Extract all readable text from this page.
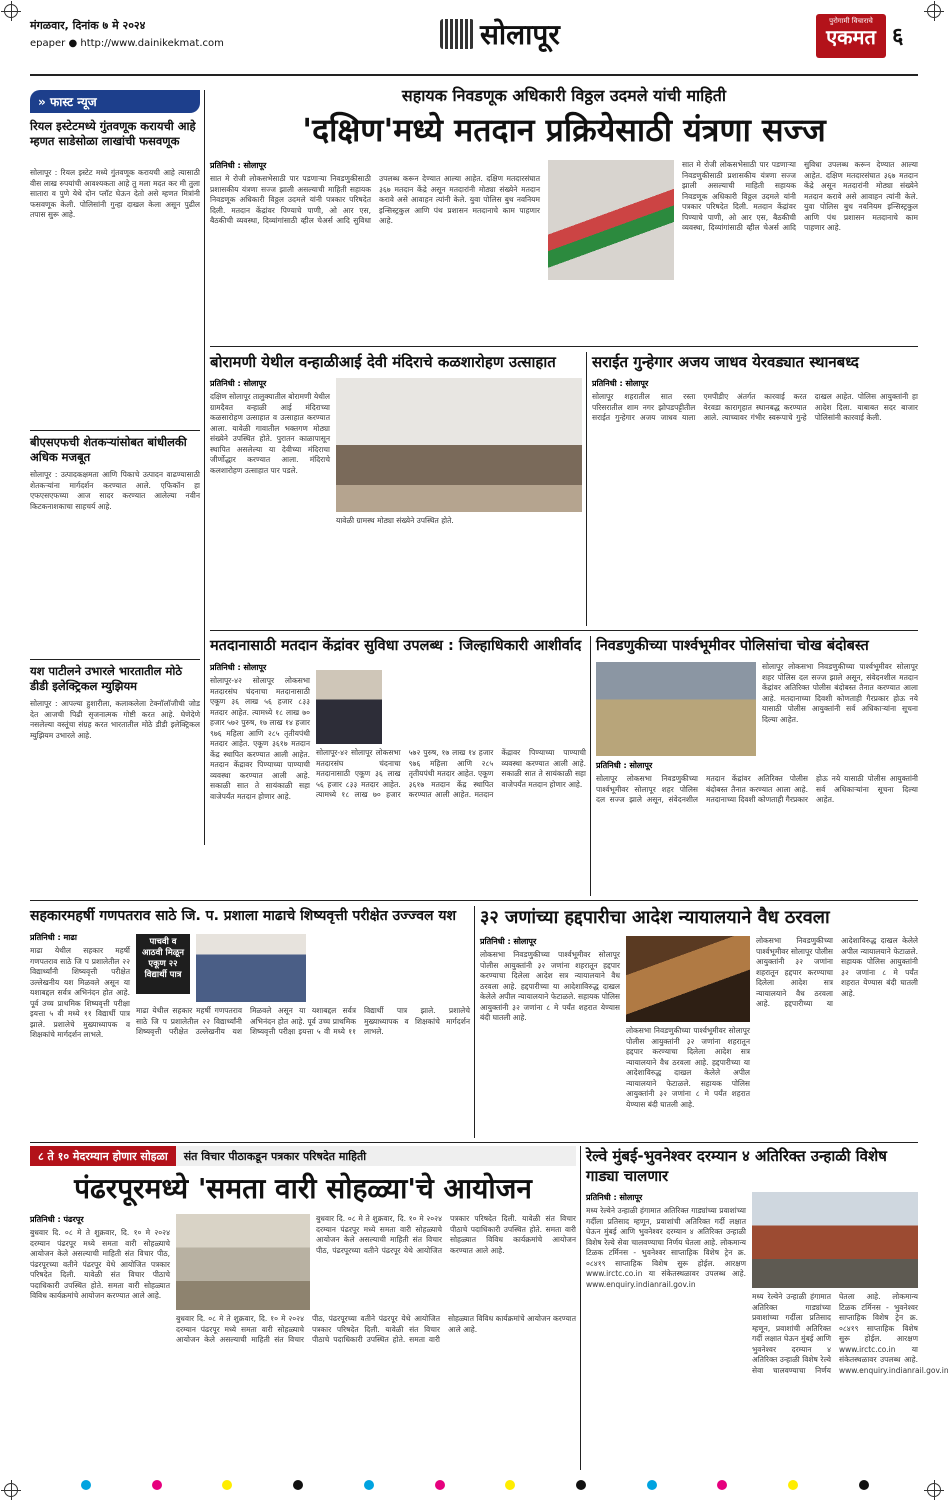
मंगळवार, दिनांक ७ मे २०२४
epaper ● http://www.dainikekmat.com	सोलापूर	पुरोगामी विचाराचे
एकमत ६
» फास्ट न्यूज
रियल इस्टेटमध्ये गुंतवणूक करायची आहे म्हणत साडेसोळा लाखांची फसवणूक
सोलापूर : रियल इस्टेट मध्ये गुंतवणूक करायची आहे त्यासाठी वीस लाख रुपयांची आवश्यकता आहे तु मला मदत कर मी तुला सातारा व पुणे येथे दोन प्लॉट घेऊन देतो असे म्हणत मित्रांनी फसवणूक केली. पोलिसांनी गुन्हा दाखल केला असून पुढील तपास सुरू आहे.
बीएसएफची शेतकऱ्यांसोबत बांधीलकी अधिक मजबूत
सोलापूर : उत्पादकक्षमता आणि पिकाचे उत्पादन वाढण्यासाठी शेतकऱ्यांना मार्गदर्शन करण्यात आले. एफिकॉन हा एफएसएफच्या आज सादर करण्यात आलेल्या नवीन किटकनाशकाचा साहचर्य आहे.
यश पाटीलने उभारले भारतातील मोठे डीडी इलेक्ट्रिकल म्युझियम
सोलापूर : आपल्या हुशारीला, कलाकलेला टेक्नॉलॉजीची जोड देत आजची पिढी सृजनात्मक गोष्टी करत आहे. घेणेदेणे नसलेल्या वस्तूंचा संग्रह करत भारतातील मोठे डीडी इलेक्ट्रिकल म्युझियम उभारले आहे.
सहायक निवडणूक अधिकारी विठ्ठल उदमले यांची माहिती
'दक्षिण'मध्ये मतदान प्रक्रियेसाठी यंत्रणा सज्ज
प्रतिनिधी : सोलापूर
सात मे रोजी लोकसभेसाठी पार पडणाऱ्या निवडणुकीसाठी प्रशासकीय यंत्रणा सज्ज झाली असल्याची माहिती सहायक निवडणूक अधिकारी विठ्ठल उदमले यांनी पत्रकार परिषदेत दिली. मतदान केंद्रांवर पिण्याचे पाणी, ओ आर एस, बैठकीची व्यवस्था, दिव्यांगांसाठी व्हील चेअर्स आदि सुविधा उपलब्ध करून देण्यात आल्या आहेत. दक्षिण मतदारसंघात ३६७ मतदान केंद्रे असून मतदारांनी मोठ्या संख्येने मतदान करावे असे आवाहन त्यांनी केले. युवा पोलिस बुथ नवनियम इन्सिस्ट्रकुल आणि पंथ प्रशासन मतदानाचे काम पाहणार आहे.
सात मे रोजी लोकसभेसाठी पार पडणाऱ्या निवडणुकीसाठी प्रशासकीय यंत्रणा सज्ज झाली असल्याची माहिती सहायक निवडणूक अधिकारी विठ्ठल उदमले यांनी पत्रकार परिषदेत दिली. मतदान केंद्रांवर पिण्याचे पाणी, ओ आर एस, बैठकीची व्यवस्था, दिव्यांगांसाठी व्हील चेअर्स आदि सुविधा उपलब्ध करून देण्यात आल्या आहेत. दक्षिण मतदारसंघात ३६७ मतदान केंद्रे असून मतदारांनी मोठ्या संख्येने मतदान करावे असे आवाहन त्यांनी केले. युवा पोलिस बुथ नवनियम इन्सिस्ट्रकुल आणि पंथ प्रशासन मतदानाचे काम पाहणार आहे.
बोरामणी येथील वन्हाळीआई देवी मंदिराचे कळशारोहण उत्साहात
प्रतिनिधी : सोलापूर
दक्षिण सोलापूर तालुक्यातील बोरामणी येथील ग्रामदैवत वन्हाळी आई मंदिराच्या कळसारोहण उत्साहात व उत्साहात करण्यात आला. यावेळी गावातील भक्तगण मोठ्या संख्येने उपस्थित होते. पुरातन काळापासून स्थापित असलेल्या या देवीच्या मंदिराचा जीर्णोद्धार करण्यात आला. मंदिराचे कलशारोहण उत्साहात पार पडले.
यावेळी ग्रामस्थ मोठ्या संख्येने उपस्थित होते.
सराईत गुन्हेगार अजय जाधव येरवड्यात स्थानबध्द
प्रतिनिधी : सोलापूर
सोलापूर शहरातील सात रस्ता परिसरातील शाम नगर झोपडपट्टीतील सराईत गुन्हेगार अजय जाधव याला एमपीडीए अंतर्गत कारवाई करत येरवडा कारागृहात स्थानबद्ध करण्यात आले. त्याच्यावर गंभीर स्वरूपाचे गुन्हे दाखल आहेत. पोलिस आयुक्तांनी हा आदेश दिला. याबाबत सदर बाजार पोलिसांनी कारवाई केली.
मतदानासाठी मतदान केंद्रांवर सुविधा उपलब्ध : जिल्हाधिकारी आशीर्वाद
प्रतिनिधी : सोलापूर
सोलापूर-४२ सोलापूर लोकसभा मतदारसंघ चंदनाचा मतदानासाठी एकूण ३६ लाख ५६ हजार ८३३ मतदार आहेत. त्यामध्ये १८ लाख ७० हजार ५७२ पुरुष, १७ लाख १४ हजार ९७६ महिला आणि २८५ तृतीयपंथी मतदार आहेत. एकूण ३६१७ मतदान केंद्र स्थापित करण्यात आली आहेत. मतदान केंद्रावर पिण्याच्या पाण्याची व्यवस्था करण्यात आली आहे. सकाळी सात ते सायंकाळी सहा वाजेपर्यंत मतदान होणार आहे.
सोलापूर-४२ सोलापूर लोकसभा मतदारसंघ चंदनाचा मतदानासाठी एकूण ३६ लाख ५६ हजार ८३३ मतदार आहेत. त्यामध्ये १८ लाख ७० हजार ५७२ पुरुष, १७ लाख १४ हजार ९७६ महिला आणि २८५ तृतीयपंथी मतदार आहेत. एकूण ३६१७ मतदान केंद्र स्थापित करण्यात आली आहेत. मतदान केंद्रावर पिण्याच्या पाण्याची व्यवस्था करण्यात आली आहे. सकाळी सात ते सायंकाळी सहा वाजेपर्यंत मतदान होणार आहे.
निवडणुकीच्या पार्श्वभूमीवर पोलिसांचा चोख बंदोबस्त
सोलापूर लोकसभा निवडणुकीच्या पार्श्वभूमीवर सोलापूर शहर पोलिस दल सज्ज झाले असून, संवेदनशील मतदान केंद्रांवर अतिरिक्त पोलीस बंदोबस्त तैनात करण्यात आला आहे. मतदानाच्या दिवशी कोणताही गैरप्रकार होऊ नये यासाठी पोलीस आयुक्तांनी सर्व अधिकाऱ्यांना सूचना दिल्या आहेत.
प्रतिनिधी : सोलापूर
सोलापूर लोकसभा निवडणुकीच्या पार्श्वभूमीवर सोलापूर शहर पोलिस दल सज्ज झाले असून, संवेदनशील मतदान केंद्रांवर अतिरिक्त पोलीस बंदोबस्त तैनात करण्यात आला आहे. मतदानाच्या दिवशी कोणताही गैरप्रकार होऊ नये यासाठी पोलीस आयुक्तांनी सर्व अधिकाऱ्यांना सूचना दिल्या आहेत.
सहकारमहर्षी गणपतराव साठे जि. प. प्रशाला माढाचे शिष्यवृत्ती परीक्षेत उज्ज्वल यश
प्रतिनिधी : माढा
माढा येथील सहकार महर्षी गणपतराव साठे जि प प्रशालेतील २२ विद्यार्थ्यांनी शिष्यवृत्ती परीक्षेत उल्लेखनीय यश मिळवले असून या यशाबद्दल सर्वत्र अभिनंदन होत आहे. पूर्व उच्च प्राथमिक शिष्यवृत्ती परीक्षा इयत्ता ५ वी मध्ये ११ विद्यार्थी पात्र झाले. प्रशालेचे मुख्याध्यापक व शिक्षकांचे मार्गदर्शन लाभले.
पाचवी व आठवी मिळून एकूण २२ विद्यार्थी पात्र
माढा येथील सहकार महर्षी गणपतराव साठे जि प प्रशालेतील २२ विद्यार्थ्यांनी शिष्यवृत्ती परीक्षेत उल्लेखनीय यश मिळवले असून या यशाबद्दल सर्वत्र अभिनंदन होत आहे. पूर्व उच्च प्राथमिक शिष्यवृत्ती परीक्षा इयत्ता ५ वी मध्ये ११ विद्यार्थी पात्र झाले. प्रशालेचे मुख्याध्यापक व शिक्षकांचे मार्गदर्शन लाभले.
३२ जणांच्या हद्दपारीचा आदेश न्यायालयाने वैध ठरवला
प्रतिनिधी : सोलापूर
लोकसभा निवडणुकीच्या पार्श्वभूमीवर सोलापूर पोलीस आयुक्तांनी ३२ जणांना शहरातून हद्दपार करण्याचा दिलेला आदेश सत्र न्यायालयाने वैध ठरवला आहे. हद्दपारीच्या या आदेशाविरुद्ध दाखल केलेले अपील न्यायालयाने फेटाळले. सहायक पोलिस आयुक्तांनी ३२ जणांना ८ मे पर्यंत शहरात येण्यास बंदी घातली आहे.
लोकसभा निवडणुकीच्या पार्श्वभूमीवर सोलापूर पोलीस आयुक्तांनी ३२ जणांना शहरातून हद्दपार करण्याचा दिलेला आदेश सत्र न्यायालयाने वैध ठरवला आहे. हद्दपारीच्या या आदेशाविरुद्ध दाखल केलेले अपील न्यायालयाने फेटाळले. सहायक पोलिस आयुक्तांनी ३२ जणांना ८ मे पर्यंत शहरात येण्यास बंदी घातली आहे.
लोकसभा निवडणुकीच्या पार्श्वभूमीवर सोलापूर पोलीस आयुक्तांनी ३२ जणांना शहरातून हद्दपार करण्याचा दिलेला आदेश सत्र न्यायालयाने वैध ठरवला आहे. हद्दपारीच्या या आदेशाविरुद्ध दाखल केलेले अपील न्यायालयाने फेटाळले. सहायक पोलिस आयुक्तांनी ३२ जणांना ८ मे पर्यंत शहरात येण्यास बंदी घातली आहे.
८ ते १० मेदरम्यान होणार सोहळा	संत विचार पीठाकडून पत्रकार परिषदेत माहिती
पंढरपूरमध्ये 'समता वारी सोहळ्या'चे आयोजन
प्रतिनिधी : पंढरपूर
बुधवार दि. ०८ मे ते शुक्रवार, दि. १० मे २०२४ दरम्यान पंढरपूर मध्ये समता वारी सोहळ्याचे आयोजन केले असल्याची माहिती संत विचार पीठ, पंढरपूरच्या वतीने पंढरपूर येथे आयोजित पत्रकार परिषदेत दिली. यावेळी संत विचार पीठाचे पदाधिकारी उपस्थित होते. समता वारी सोहळ्यात विविध कार्यक्रमांचे आयोजन करण्यात आले आहे.
बुधवार दि. ०८ मे ते शुक्रवार, दि. १० मे २०२४ दरम्यान पंढरपूर मध्ये समता वारी सोहळ्याचे आयोजन केले असल्याची माहिती संत विचार पीठ, पंढरपूरच्या वतीने पंढरपूर येथे आयोजित पत्रकार परिषदेत दिली. यावेळी संत विचार पीठाचे पदाधिकारी उपस्थित होते. समता वारी सोहळ्यात विविध कार्यक्रमांचे आयोजन करण्यात आले आहे.
बुधवार दि. ०८ मे ते शुक्रवार, दि. १० मे २०२४ दरम्यान पंढरपूर मध्ये समता वारी सोहळ्याचे आयोजन केले असल्याची माहिती संत विचार पीठ, पंढरपूरच्या वतीने पंढरपूर येथे आयोजित पत्रकार परिषदेत दिली. यावेळी संत विचार पीठाचे पदाधिकारी उपस्थित होते. समता वारी सोहळ्यात विविध कार्यक्रमांचे आयोजन करण्यात आले आहे.
रेल्वे मुंबई-भुवनेश्वर दरम्यान ४ अतिरिक्त उन्हाळी विशेष गाड्या चालणार
प्रतिनिधी : सोलापूर
मध्य रेल्वेने उन्हाळी हंगामात अतिरिक्त गाड्यांच्या प्रवाशांच्या गर्दीला प्रतिसाद म्हणून, प्रवाशांची अतिरिक्त गर्दी लक्षात घेऊन मुंबई आणि भुवनेश्वर दरम्यान ४ अतिरिक्त उन्हाळी विशेष रेल्वे सेवा चालवण्याचा निर्णय घेतला आहे. लोकमान्य टिळक टर्मिनस - भुवनेश्वर साप्ताहिक विशेष ट्रेन क्र. ०८४१९ साप्ताहिक विशेष सुरू होईल. आरक्षण www.irctc.co.in या संकेतस्थळावर उपलब्ध आहे. www.enquiry.indianrail.gov.in
मध्य रेल्वेने उन्हाळी हंगामात अतिरिक्त गाड्यांच्या प्रवाशांच्या गर्दीला प्रतिसाद म्हणून, प्रवाशांची अतिरिक्त गर्दी लक्षात घेऊन मुंबई आणि भुवनेश्वर दरम्यान ४ अतिरिक्त उन्हाळी विशेष रेल्वे सेवा चालवण्याचा निर्णय घेतला आहे. लोकमान्य टिळक टर्मिनस - भुवनेश्वर साप्ताहिक विशेष ट्रेन क्र. ०८४१९ साप्ताहिक विशेष सुरू होईल. आरक्षण www.irctc.co.in या संकेतस्थळावर उपलब्ध आहे. www.enquiry.indianrail.gov.in
